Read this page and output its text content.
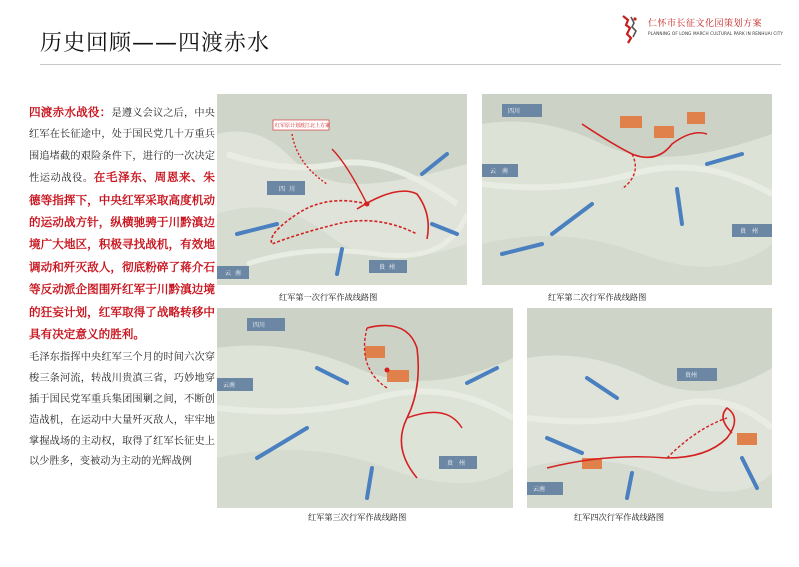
历史回顾——四渡赤水
仁怀市长征文化园策划方案
PLANNING OF LONG MARCH CULTURAL PARK IN RENHUAI CITY

四渡赤水战役：是遵义会议之后，中央红军在长征途中，处于国民党几十万重兵围追堵截的艰险条件下，进行的一次决定性运动战役。在毛泽东、周恩来、朱德等指挥下，中央红军采取高度机动的运动战方针，纵横驰骋于川黔滇边境广大地区，积极寻找战机，有效地调动和歼灭敌人，彻底粉碎了蒋介石等反动派企图围歼红军于川黔滇边境的狂妄计划，红军取得了战略转移中具有决定意义的胜利。

毛泽东指挥中央红军三个月的时间六次穿梭三条河流，转战川贵滇三省，巧妙地穿插于国民党军重兵集团围剿之间，不断创造战机，在运动中大量歼灭敌人，牢牢地掌握战场的主动权，取得了红军长征史上以少胜多，变被动为主动的光辉战例

四 川
云 南
贵 州
红军原计划渡江北上方案
红军第一次行军作战线路图
四川
云 南
贵 州
红军第二次行军作战线路图
四川
云南
贵 州
红军第三次行军作战线路图
云南
贵州
红军四次行军作战线路图
